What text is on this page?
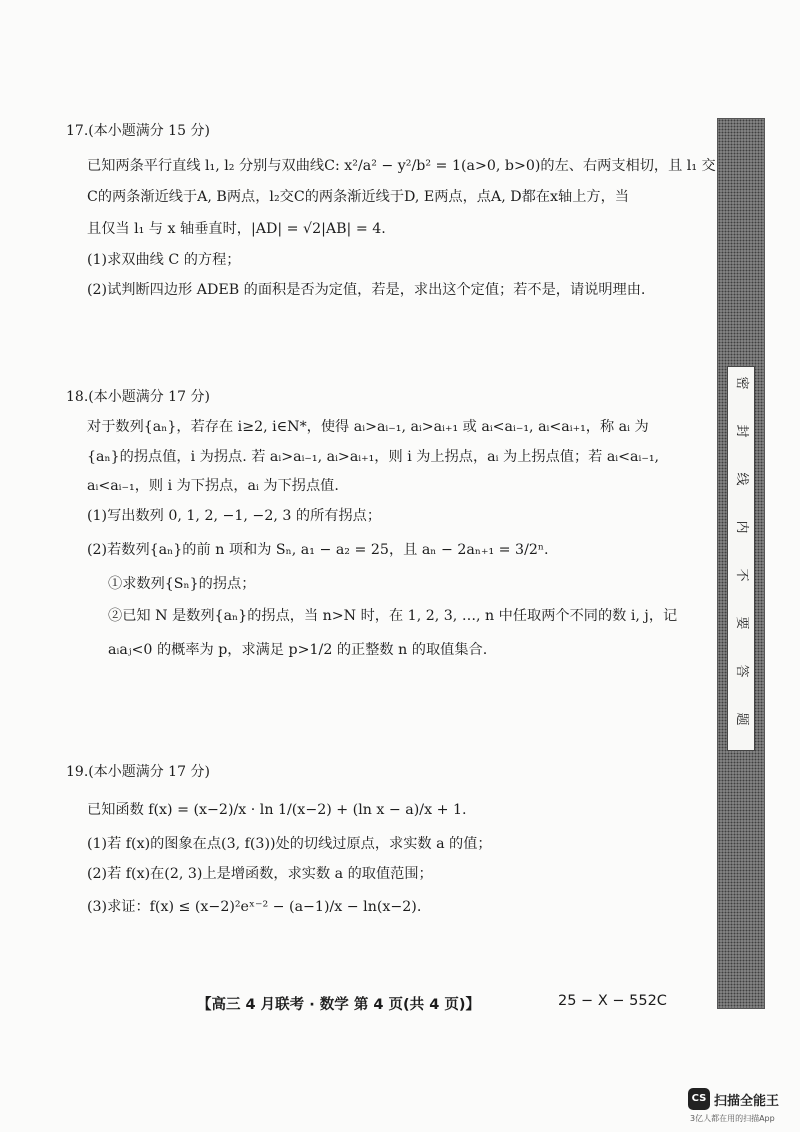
17.(本小题满分 15 分)
已知两条平行直线 l₁, l₂ 分别与双曲线C: x²/a² − y²/b² = 1(a>0, b>0)的左、右两支相切，且 l₁ 交
C的两条渐近线于A, B两点，l₂交C的两条渐近线于D, E两点，点A, D都在x轴上方，当
且仅当 l₁ 与 x 轴垂直时，|AD| = √2|AB| = 4.
(1)求双曲线 C 的方程；
(2)试判断四边形 ADEB 的面积是否为定值，若是，求出这个定值；若不是，请说明理由.
18.(本小题满分 17 分)
对于数列{aₙ}，若存在 i≥2, i∈N*，使得 aᵢ>aᵢ₋₁, aᵢ>aᵢ₊₁ 或 aᵢ<aᵢ₋₁, aᵢ<aᵢ₊₁，称 aᵢ 为
{aₙ}的拐点值，i 为拐点. 若 aᵢ>aᵢ₋₁, aᵢ>aᵢ₊₁，则 i 为上拐点，aᵢ 为上拐点值；若 aᵢ<aᵢ₋₁,
aᵢ<aᵢ₋₁，则 i 为下拐点，aᵢ 为下拐点值.
(1)写出数列 0, 1, 2, −1, −2, 3 的所有拐点；
(2)若数列{aₙ}的前 n 项和为 Sₙ, a₁ − a₂ = 25，且 aₙ − 2aₙ₊₁ = 3/2ⁿ.
①求数列{Sₙ}的拐点；
②已知 N 是数列{aₙ}的拐点，当 n>N 时，在 1, 2, 3, …, n 中任取两个不同的数 i, j，记
aᵢaⱼ<0 的概率为 p，求满足 p>1/2 的正整数 n 的取值集合.
19.(本小题满分 17 分)
已知函数 f(x) = (x−2)/x · ln 1/(x−2) + (ln x − a)/x + 1.
(1)若 f(x)的图象在点(3, f(3))处的切线过原点，求实数 a 的值；
(2)若 f(x)在(2, 3)上是增函数，求实数 a 的取值范围；
(3)求证：f(x) ≤ (x−2)²eˣ⁻² − (a−1)/x − ln(x−2).
【高三 4 月联考 · 数学 第 4 页(共 4 页)】	25 − X − 552C
密
封
线
内
不
要
答
题
CS 扫描全能王
3亿人都在用的扫描App
